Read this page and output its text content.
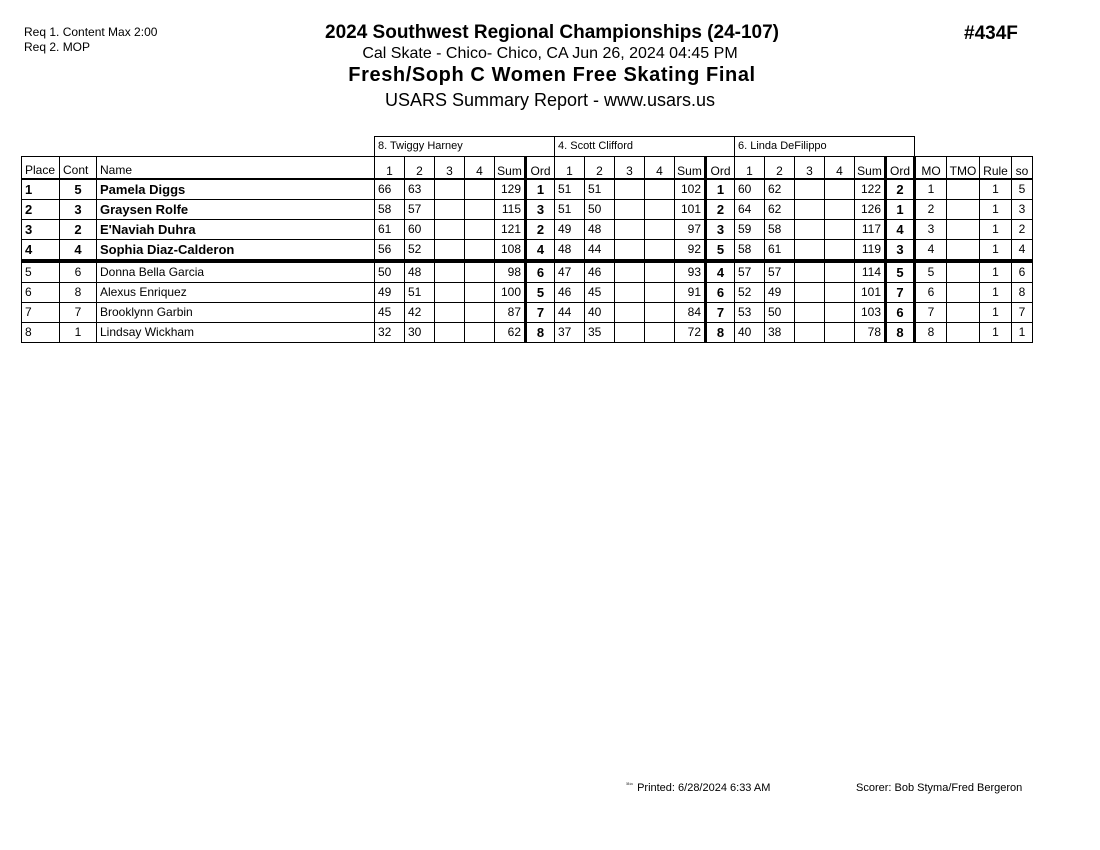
Req 1. Content Max 2:00
Req 2. MOP
2024 Southwest Regional Championships (24-107)
Cal Skate - Chico- Chico, CA Jun 26, 2024 04:45 PM
Fresh/Soph C Women Free Skating Final
USARS Summary Report - www.usars.us
#434F
			8. Twiggy Harney						4. Scott Clifford						6. Linda DeFilippo									
Place	Cont	Name	1	2	3	4	Sum	Ord	1	2	3	4	Sum	Ord	1	2	3	4	Sum	Ord	MO	TMO	Rule	so
1	5	Pamela Diggs	66	63			129	1	51	51			102	1	60	62			122	2	1		1	5
2	3	Graysen Rolfe	58	57			115	3	51	50			101	2	64	62			126	1	2		1	3
3	2	E'Naviah Duhra	61	60			121	2	49	48			97	3	59	58			117	4	3		1	2
4	4	Sophia Diaz-Calderon	56	52			108	4	48	44			92	5	58	61			119	3	4		1	4
5	6	Donna Bella Garcia	50	48			98	6	47	46			93	4	57	57			114	5	5		1	6
6	8	Alexus Enriquez	49	51			100	5	46	45			91	6	52	49			101	7	6		1	8
7	7	Brooklynn Garbin	45	42			87	7	44	40			84	7	53	50			103	6	7		1	7
8	1	Lindsay Wickham	32	30			62	8	37	35			72	8	40	38			78	8	8		1	1
$^{^{3316}}$ Printed: 6/28/2024 6:33 AM	Scorer: Bob Styma/Fred Bergeron
